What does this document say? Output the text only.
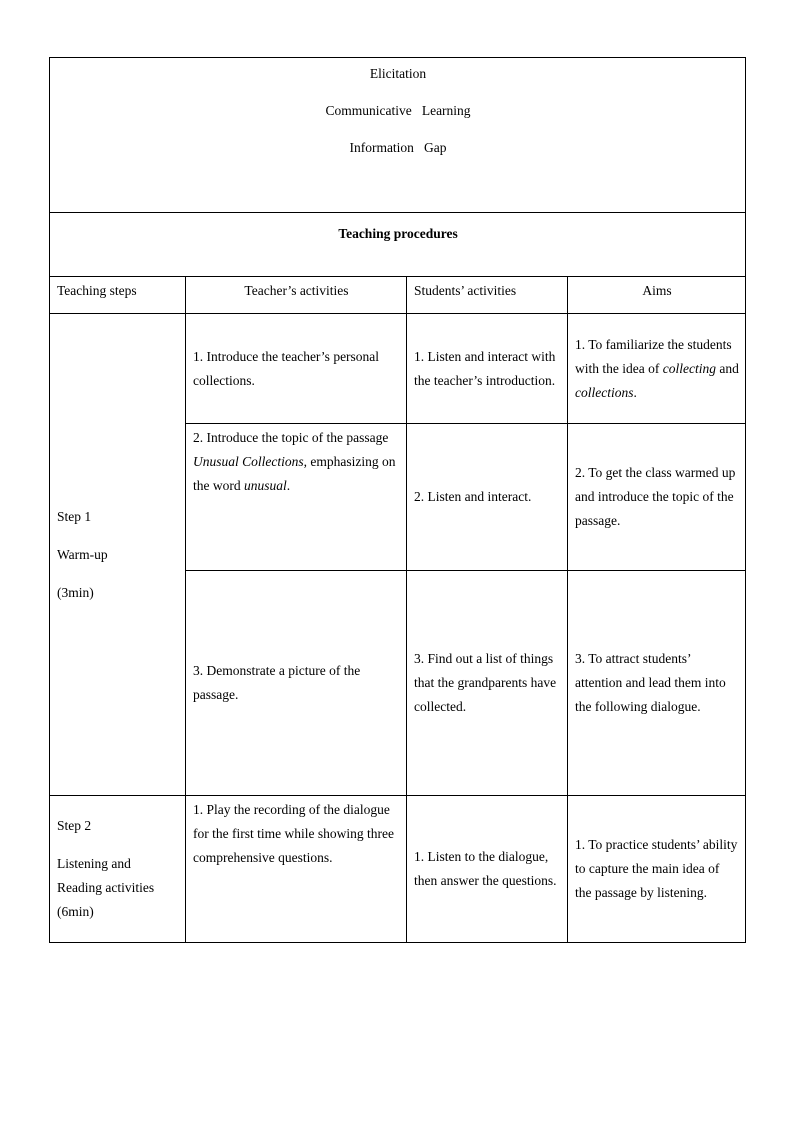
Elicitation

Communicative   Learning

Information   Gap			

Teaching procedures			
Teaching steps	Teacher’s activities	Students’ activities	Aims

Step 1

Warm-up

(3min)	1. Introduce the teacher’s personal collections.	1. Listen and interact with the teacher’s introduction.	1. To familiarize the students with the idea of collecting and collections.
	2. Introduce the topic of the passage Unusual Collections, emphasizing on the word unusual.	2. Listen and interact.	2. To get the class warmed up and introduce the topic of the passage.
	3. Demonstrate a picture of the passage.	3. Find out a list of things that the grandparents have collected.	3. To attract students’ attention and lead them into the following dialogue.

Step 2

Listening and Reading activities

(6min)	1. Play the recording of the dialogue for the first time while showing three comprehensive questions.	1. Listen to the dialogue, then answer the questions.	1. To practice students’ ability to capture the main idea of the passage by listening.
